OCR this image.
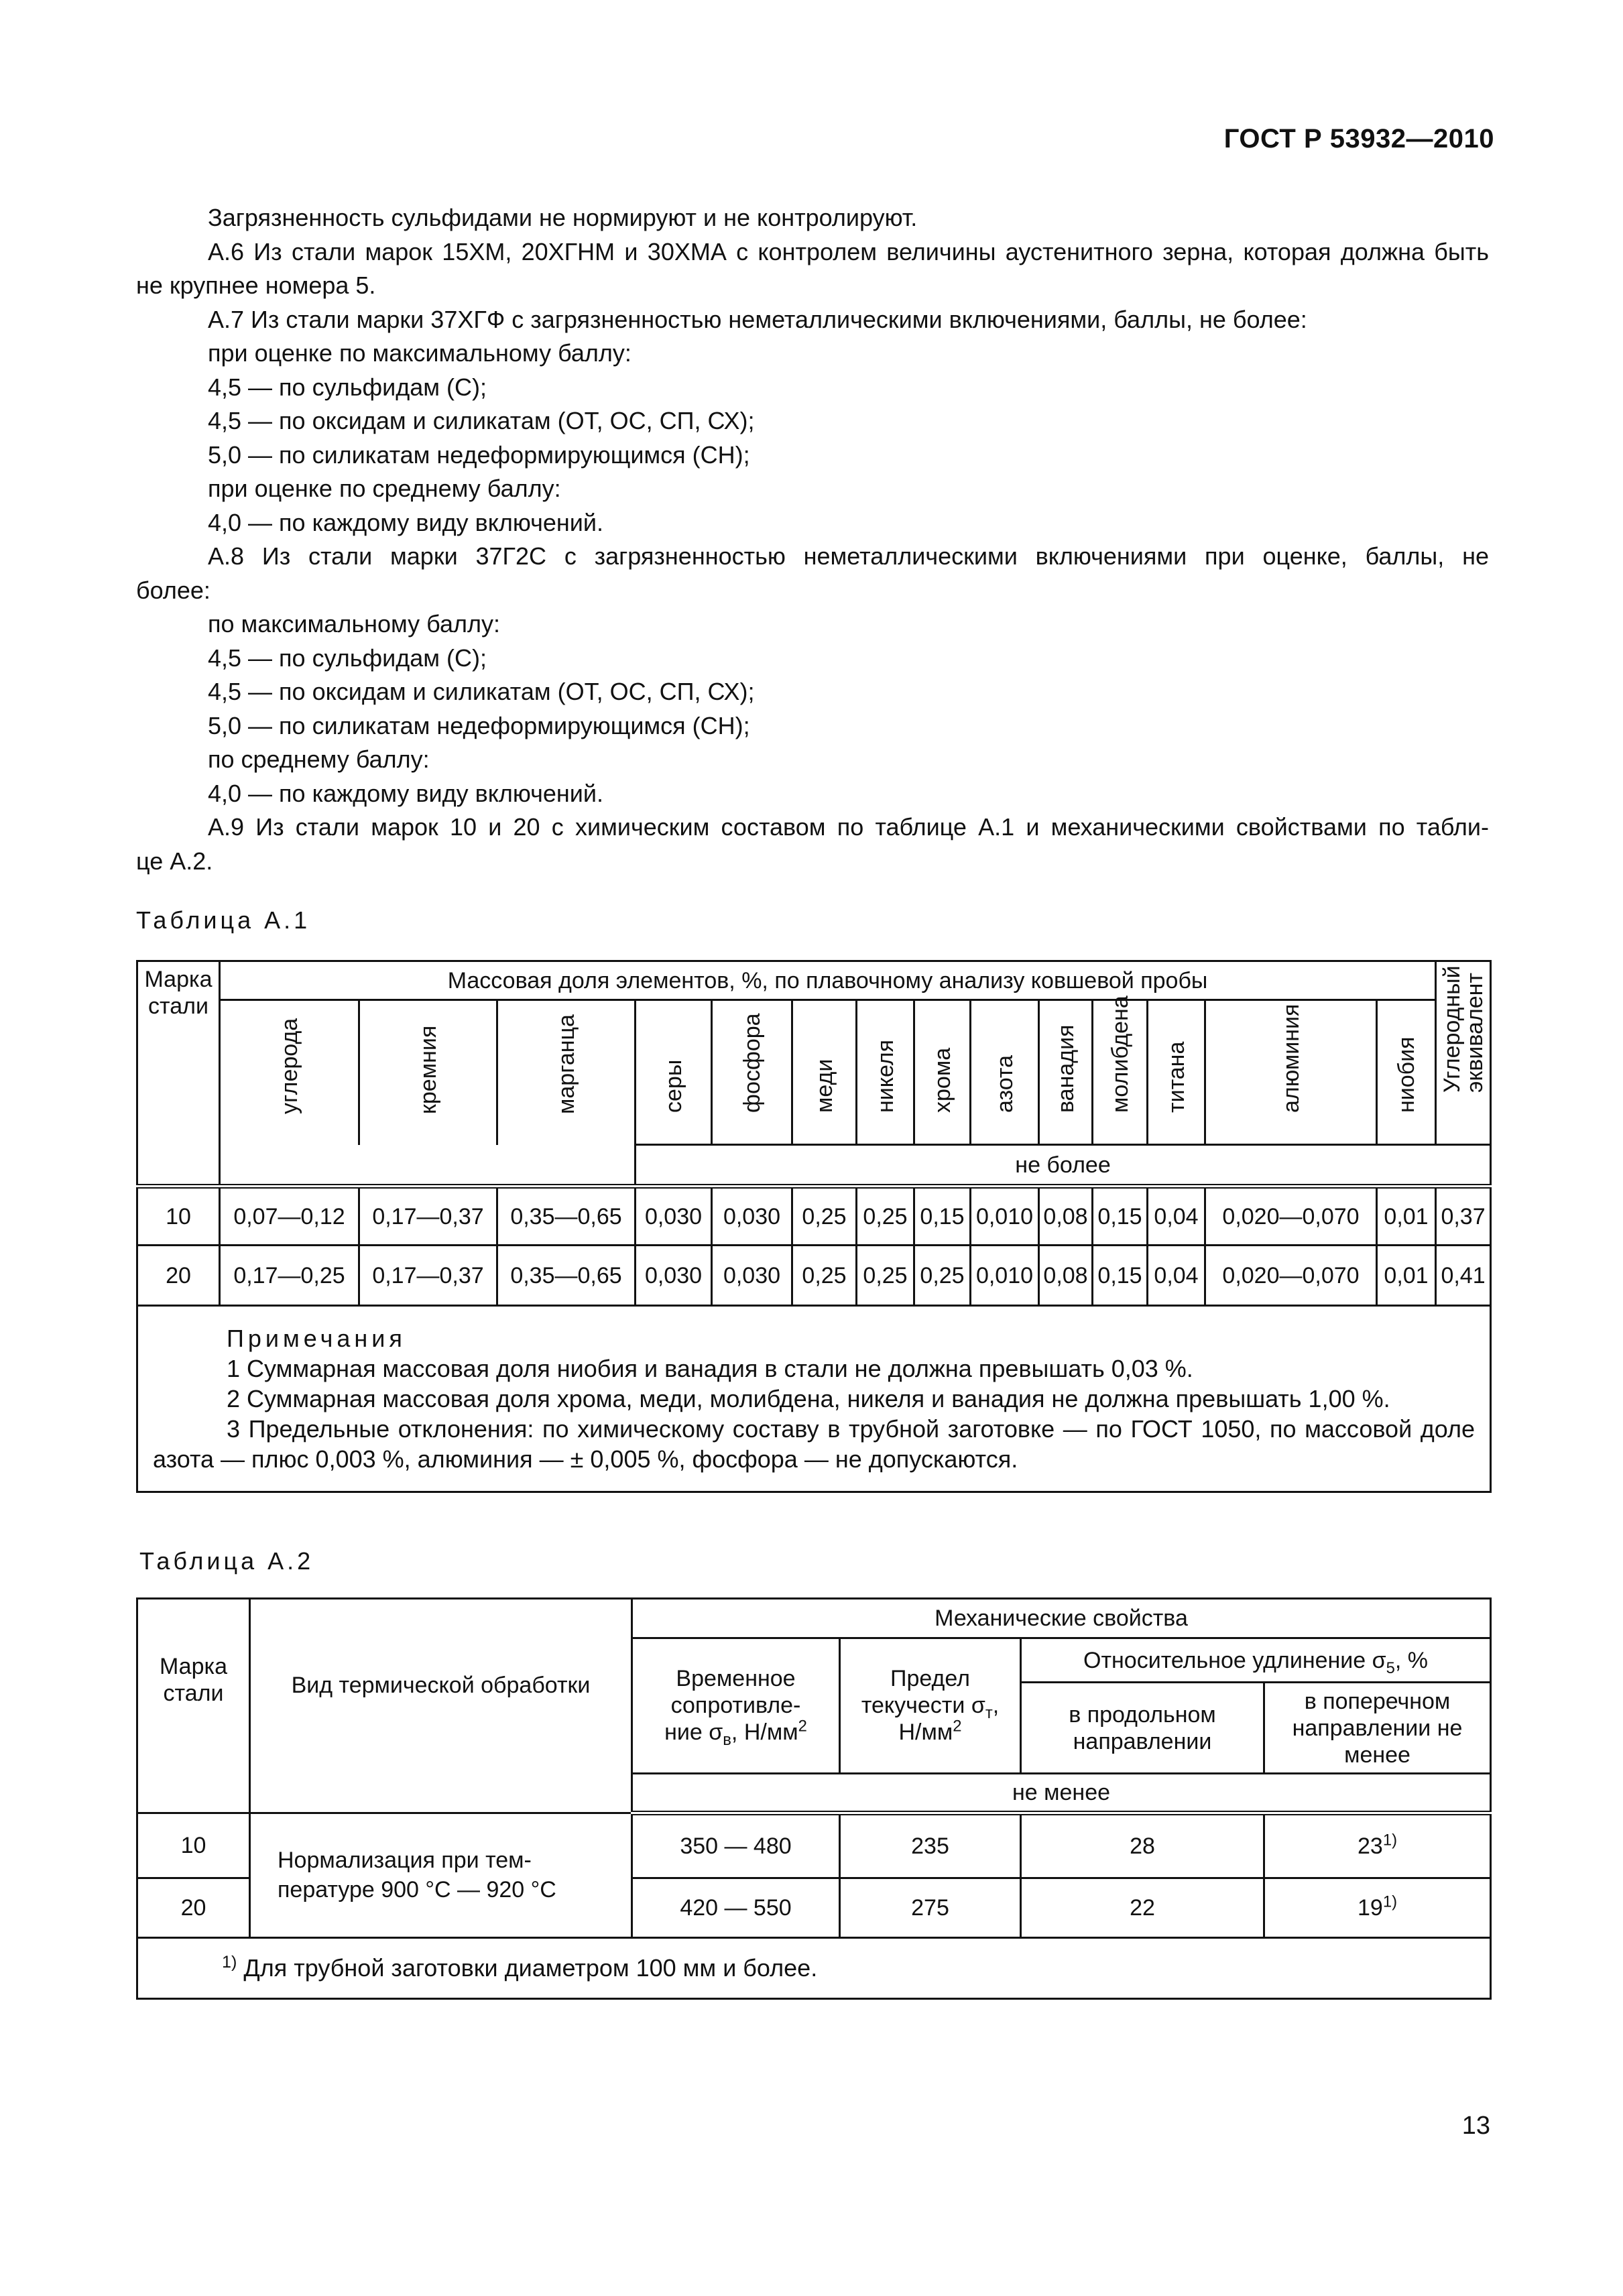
ГОСТ Р 53932—2010

Загрязненность сульфидами не нормируют и не контролируют.

А.6 Из стали марок 15ХМ, 20ХГНМ и 30ХМА с контролем величины аустенитного зерна, которая должна быть

не крупнее номера 5.

А.7 Из стали марки 37ХГФ с загрязненностью неметаллическими включениями, баллы, не более:

при оценке по максимальному баллу:

4,5 — по сульфидам (С);

4,5 — по оксидам и силикатам (ОТ, ОС, СП, СХ);

5,0 — по силикатам недеформирующимся (СН);

при оценке по среднему баллу:

4,0 — по каждому виду включений.

А.8 Из стали марки 37Г2С с загрязненностью неметаллическими включениями при оценке, баллы, не

более:

по максимальному баллу:

4,5 — по сульфидам (С);

4,5 — по оксидам и силикатам (ОТ, ОС, СП, СХ);

5,0 — по силикатам недеформирующимся (СН);

по среднему баллу:

4,0 — по каждому виду включений.

А.9 Из стали марок 10 и 20 с химическим составом по таблице А.1 и механическими свойствами по табли-

це А.2.

Таблица А.1
Марка стали	Массовая доля элементов, %, по плавочному анализу ковшевой пробы														Углеродный эквивалент

	углерода	кремния	марганца	серы	фосфора	меди	никеля	хрома	азота	ванадия	молибдена	титана	алюминия	ниобия	

				не более											
10	0,07—0,12	0,17—0,37	0,35—0,65	0,030	0,030	0,25	0,25	0,15	0,010	0,08	0,15	0,04	0,020—0,070	0,01	0,37
20	0,17—0,25	0,17—0,37	0,35—0,65	0,030	0,030	0,25	0,25	0,25	0,010	0,08	0,15	0,04	0,020—0,070	0,01	0,41

Примечания

1 Суммарная массовая доля ниобия и ванадия в стали не должна превышать 0,03 %.

2 Суммарная массовая доля хрома, меди, молибдена, никеля и ванадия не должна превышать 1,00 %.

3 Предельные отклонения: по химическому составу в трубной заготовке — по ГОСТ 1050, по массовой доле азота — плюс 0,003 %, алюминия — ± 0,005 %, фосфора — не допускаются.															

Таблица А.2
Марка стали	Вид термической обработки	Механические свойства			
		Временное сопротивле- ние $\sigma_в$, $Н/мм^2$	Предел текучести $\sigma_т$, $Н/мм^2$	Относительное удлинение $\sigma_5$, %	
				в продольном направлении	в поперечном направлении не менее
		не менее			
10	Нормализация при тем-пературе 900 °С — 920 °С	350 — 480	235	28	23$^{1)}$
20		420 — 550	275	22	19$^{1)}$
$^{1)}$ Для трубной заготовки диаметром 100 мм и более.					
13
